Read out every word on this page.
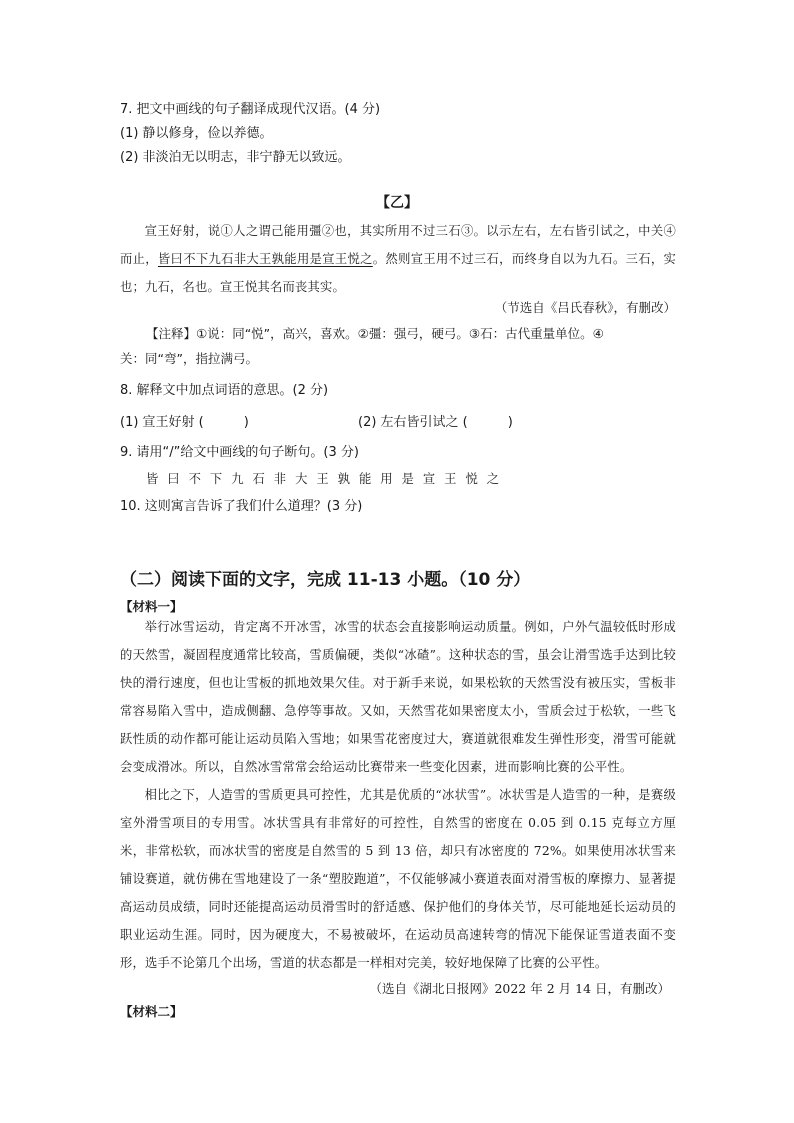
7. 把文中画线的句子翻译成现代汉语。(4 分)
(1) 静以修身，俭以养德。
(2) 非淡泊无以明志，非宁静无以致远。
【乙】
宣王好射，说①人之谓己能用彊②也，其实所用不过三石③。以示左右，左右皆引试之，中关④而止，皆曰不下九石非大王孰能用是宣王悦之。然则宣王用不过三石，而终身自以为九石。三石，实也；九石，名也。宣王悦其名而丧其实。
（节选自《吕氏春秋》，有删改）
【注释】①说：同“悦”，高兴，喜欢。②彊：强弓，硬弓。③石：古代重量单位。④
关：同“弯”，指拉满弓。
8. 解释文中加点词语的意思。(2 分)
(1) 宣王好射 (	)	(2) 左右皆引试之 (	)
9. 请用“/”给文中画线的句子断句。(3 分)
皆曰不下九石非大王孰能用是宣王悦之
10. 这则寓言告诉了我们什么道理？(3 分)
（二）阅读下面的文字，完成 11-13 小题。（10 分）
【材料一】
举行冰雪运动，肯定离不开冰雪，冰雪的状态会直接影响运动质量。例如，户外气温较低时形成的天然雪，凝固程度通常比较高，雪质偏硬，类似“冰碴”。这种状态的雪，虽会让滑雪选手达到比较快的滑行速度，但也让雪板的抓地效果欠佳。对于新手来说，如果松软的天然雪没有被压实，雪板非常容易陷入雪中，造成侧翻、急停等事故。又如，天然雪花如果密度太小，雪质会过于松软，一些飞跃性质的动作都可能让运动员陷入雪地；如果雪花密度过大，赛道就很难发生弹性形变，滑雪可能就会变成滑冰。所以，自然冰雪常常会给运动比赛带来一些变化因素，进而影响比赛的公平性。
相比之下，人造雪的雪质更具可控性，尤其是优质的“冰状雪”。冰状雪是人造雪的一种，是赛级室外滑雪项目的专用雪。冰状雪具有非常好的可控性，自然雪的密度在 0.05 到 0.15 克每立方厘米，非常松软，而冰状雪的密度是自然雪的 5 到 13 倍，却只有冰密度的 72%。如果使用冰状雪来铺设赛道，就仿佛在雪地建设了一条“塑胶跑道”，不仅能够减小赛道表面对滑雪板的摩擦力、显著提高运动员成绩，同时还能提高运动员滑雪时的舒适感、保护他们的身体关节，尽可能地延长运动员的职业运动生涯。同时，因为硬度大，不易被破坏，在运动员高速转弯的情况下能保证雪道表面不变形，选手不论第几个出场，雪道的状态都是一样相对完美，较好地保障了比赛的公平性。
（选自《湖北日报网》2022 年 2 月 14 日，有删改）
【材料二】
